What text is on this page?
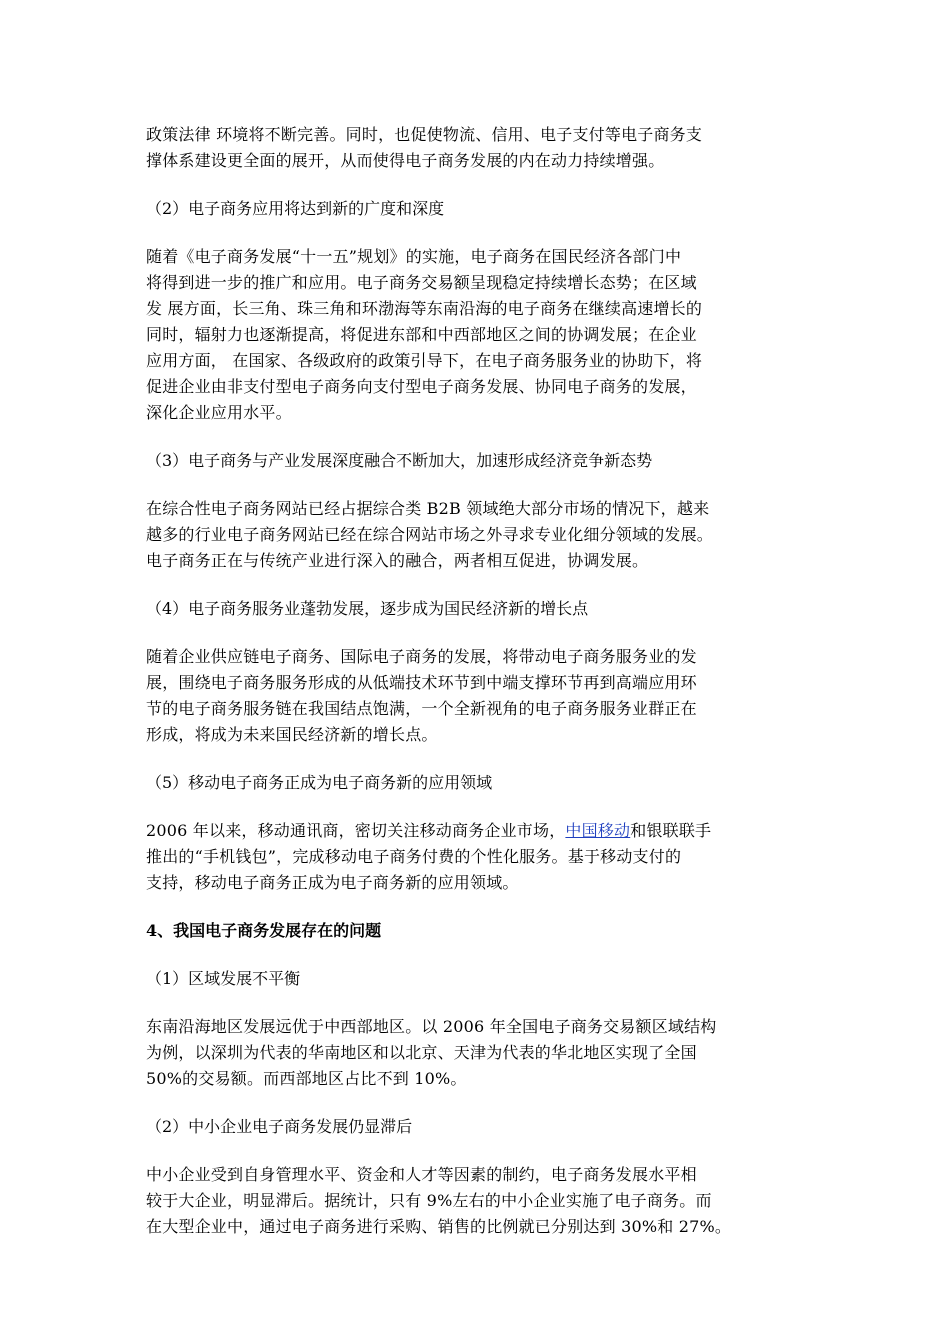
政策法律 环境将不断完善。同时，也促使物流、信用、电子支付等电子商务支
撑体系建设更全面的展开，从而使得电子商务发展的内在动力持续增强。

（2）电子商务应用将达到新的广度和深度

随着《电子商务发展“十一五”规划》的实施，电子商务在国民经济各部门中
将得到进一步的推广和应用。电子商务交易额呈现稳定持续增长态势；在区域
发 展方面，长三角、珠三角和环渤海等东南沿海的电子商务在继续高速增长的
同时，辐射力也逐渐提高，将促进东部和中西部地区之间的协调发展；在企业
应用方面， 在国家、各级政府的政策引导下，在电子商务服务业的协助下，将
促进企业由非支付型电子商务向支付型电子商务发展、协同电子商务的发展，
深化企业应用水平。

（3）电子商务与产业发展深度融合不断加大，加速形成经济竞争新态势

在综合性电子商务网站已经占据综合类 B2B 领域绝大部分市场的情况下，越来
越多的行业电子商务网站已经在综合网站市场之外寻求专业化细分领域的发展。
电子商务正在与传统产业进行深入的融合，两者相互促进，协调发展。

（4）电子商务服务业蓬勃发展，逐步成为国民经济新的增长点

随着企业供应链电子商务、国际电子商务的发展，将带动电子商务服务业的发
展，围绕电子商务服务形成的从低端技术环节到中端支撑环节再到高端应用环
节的电子商务服务链在我国结点饱满，一个全新视角的电子商务服务业群正在
形成，将成为未来国民经济新的增长点。

（5）移动电子商务正成为电子商务新的应用领域

2006 年以来，移动通讯商，密切关注移动商务企业市场，中国移动和银联联手
推出的“手机钱包”，完成移动电子商务付费的个性化服务。基于移动支付的
支持，移动电子商务正成为电子商务新的应用领域。

4、我国电子商务发展存在的问题

（1）区域发展不平衡

东南沿海地区发展远优于中西部地区。以 2006 年全国电子商务交易额区域结构
为例，以深圳为代表的华南地区和以北京、天津为代表的华北地区实现了全国
50%的交易额。而西部地区占比不到 10%。

（2）中小企业电子商务发展仍显滞后

中小企业受到自身管理水平、资金和人才等因素的制约，电子商务发展水平相
较于大企业，明显滞后。据统计，只有 9%左右的中小企业实施了电子商务。而
在大型企业中，通过电子商务进行采购、销售的比例就已分别达到 30%和 27%。
